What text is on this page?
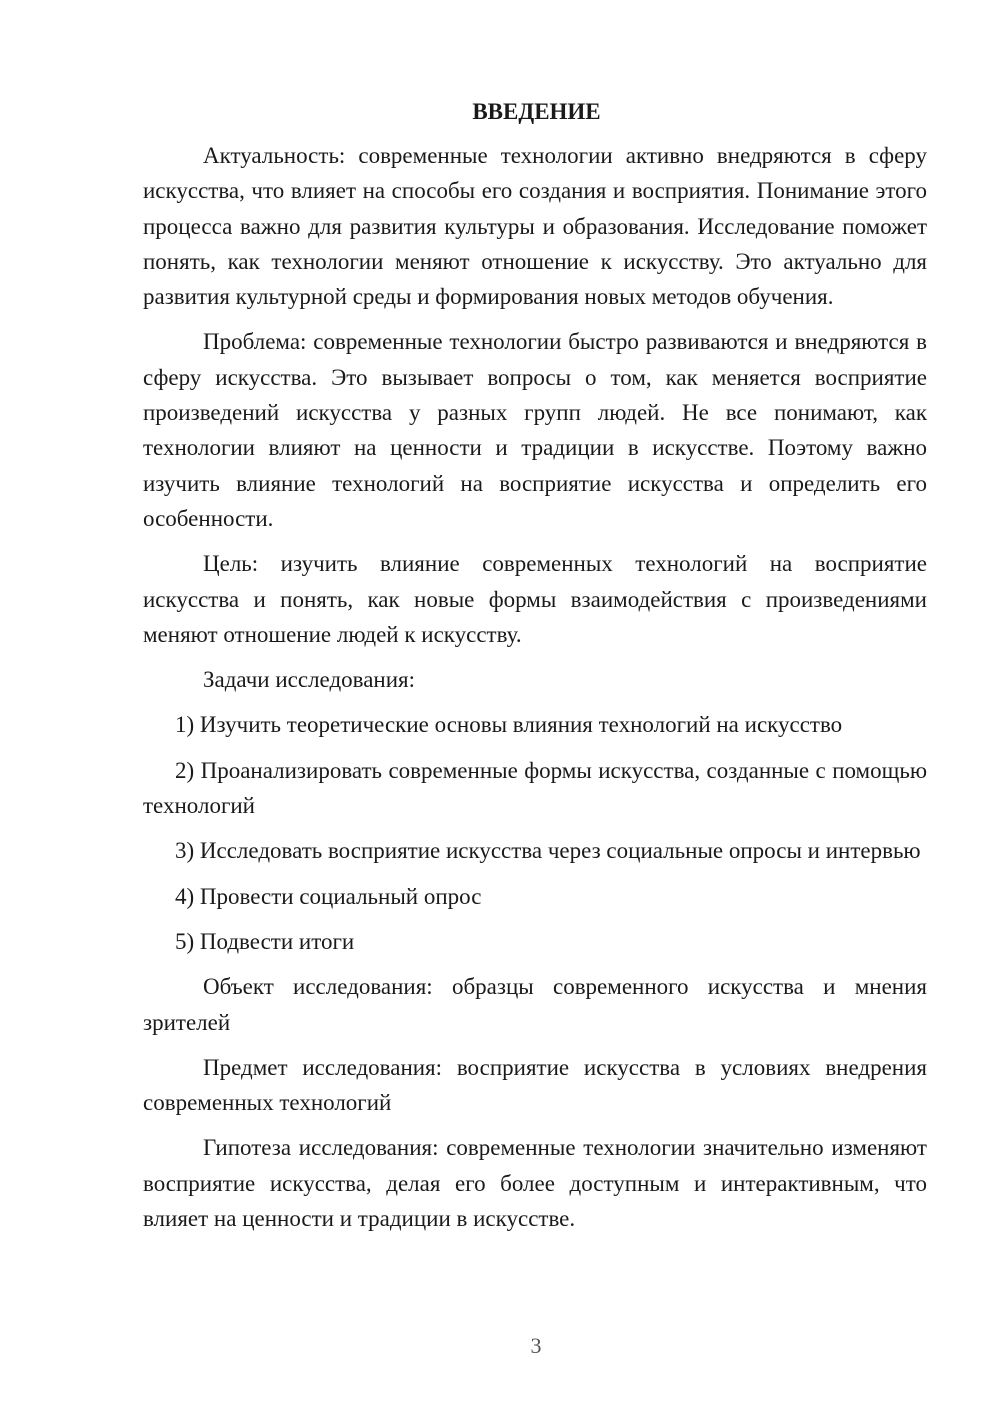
ВВЕДЕНИЕ

Актуальность: современные технологии активно внедряются в сферу искусства, что влияет на способы его создания и восприятия. Понимание этого процесса важно для развития культуры и образования. Исследование поможет понять, как технологии меняют отношение к искусству. Это актуально для развития культурной среды и формирования новых методов обучения.

Проблема: современные технологии быстро развиваются и внедряются в сферу искусства. Это вызывает вопросы о том, как меняется восприятие произведений искусства у разных групп людей. Не все понимают, как технологии влияют на ценности и традиции в искусстве. Поэтому важно изучить влияние технологий на восприятие искусства и определить его особенности.

Цель: изучить влияние современных технологий на восприятие искусства и понять, как новые формы взаимодействия с произведениями меняют отношение людей к искусству.

Задачи исследования:

1) Изучить теоретические основы влияния технологий на искусство

2) Проанализировать современные формы искусства, созданные с помощью технологий

3) Исследовать восприятие искусства через социальные опросы и интервью

4) Провести социальный опрос

5) Подвести итоги

Объект исследования: образцы современного искусства и мнения зрителей

Предмет исследования: восприятие искусства в условиях внедрения современных технологий

Гипотеза исследования: современные технологии значительно изменяют восприятие искусства, делая его более доступным и интерактивным, что влияет на ценности и традиции в искусстве.

3
